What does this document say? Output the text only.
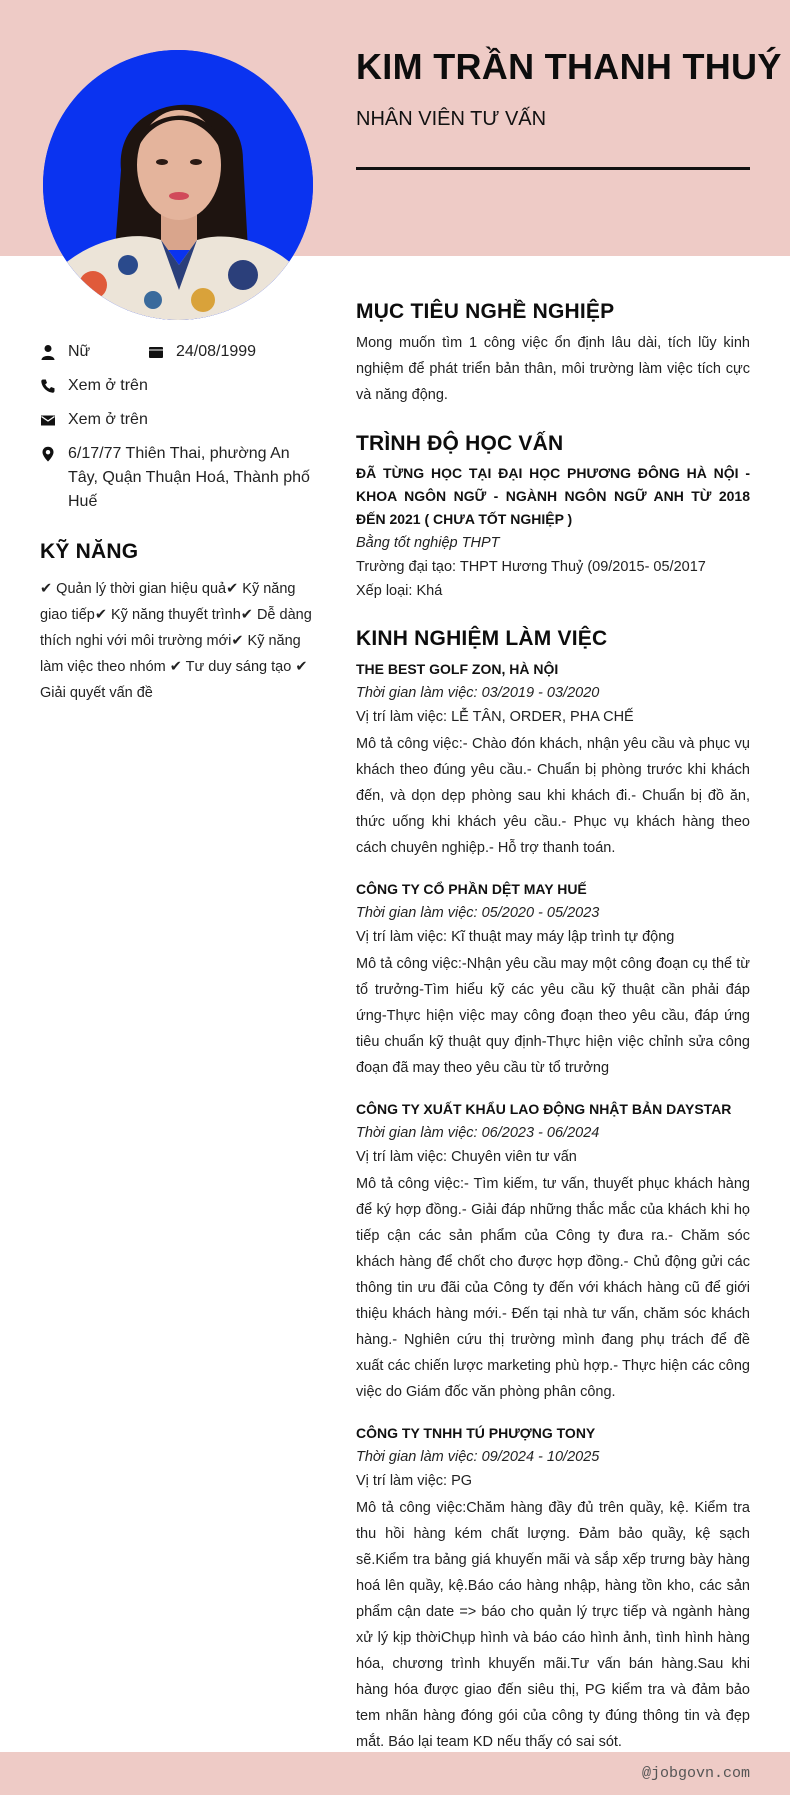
KIM TRẦN THANH THUÝ
NHÂN VIÊN TƯ VẤN
Nữ	24/08/1999
Xem ở trên
Xem ở trên
6/17/77 Thiên Thai, phường An Tây, Quận Thuận Hoá, Thành phố Huế
KỸ NĂNG
✔ Quản lý thời gian hiệu quả✔ Kỹ năng giao tiếp✔ Kỹ năng thuyết trình✔ Dễ dàng thích nghi với môi trường mới✔ Kỹ năng làm việc theo nhóm ✔ Tư duy sáng tạo ✔ Giải quyết vấn đề
MỤC TIÊU NGHỀ NGHIỆP
Mong muốn tìm 1 công việc ổn định lâu dài, tích lũy kinh nghiệm để phát triển bản thân, môi trường làm việc tích cực và năng động.
TRÌNH ĐỘ HỌC VẤN
ĐÃ TỪNG HỌC TẠI ĐẠI HỌC PHƯƠNG ĐÔNG HÀ NỘI - KHOA NGÔN NGỮ - NGÀNH NGÔN NGỮ ANH TỪ 2018 ĐẾN 2021 ( CHƯA TỐT NGHIỆP )
Bằng tốt nghiệp THPT
Trường đại tạo: THPT Hương Thuỷ (09/2015- 05/2017
Xếp loại: Khá
KINH NGHIỆM LÀM VIỆC
THE BEST GOLF ZON, HÀ NỘI
Thời gian làm việc: 03/2019 - 03/2020
Vị trí làm việc: LỄ TÂN, ORDER, PHA CHẾ
Mô tả công việc:- Chào đón khách, nhận yêu cầu và phục vụ khách theo đúng yêu cầu.- Chuẩn bị phòng trước khi khách đến, và dọn dẹp phòng sau khi khách đi.- Chuẩn bị đồ ăn, thức uống khi khách yêu cầu.- Phục vụ khách hàng theo cách chuyên nghiệp.- Hỗ trợ thanh toán.
CÔNG TY CỔ PHẦN DỆT MAY HUẾ
Thời gian làm việc: 05/2020 - 05/2023
Vị trí làm việc: Kĩ thuật may máy lập trình tự động
Mô tả công việc:-Nhận yêu cầu may một công đoạn cụ thể từ tổ trưởng-Tìm hiểu kỹ các yêu cầu kỹ thuật cần phải đáp ứng-Thực hiện việc may công đoạn theo yêu cầu, đáp ứng tiêu chuẩn kỹ thuật quy định-Thực hiện việc chỉnh sửa công đoạn đã may theo yêu cầu từ tổ trưởng
CÔNG TY XUẤT KHẨU LAO ĐỘNG NHẬT BẢN DAYSTAR
Thời gian làm việc: 06/2023 - 06/2024
Vị trí làm việc: Chuyên viên tư vấn
Mô tả công việc:- Tìm kiếm, tư vấn, thuyết phục khách hàng để ký hợp đồng.- Giải đáp những thắc mắc của khách khi họ tiếp cận các sản phẩm của Công ty đưa ra.- Chăm sóc khách hàng để chốt cho được hợp đồng.- Chủ động gửi các thông tin ưu đãi của Công ty đến với khách hàng cũ để giới thiệu khách hàng mới.- Đến tại nhà tư vấn, chăm sóc khách hàng.- Nghiên cứu thị trường mình đang phụ trách để đề xuất các chiến lược marketing phù hợp.- Thực hiện các công việc do Giám đốc văn phòng phân công.
CÔNG TY TNHH TÚ PHƯỢNG TONY
Thời gian làm việc: 09/2024 - 10/2025
Vị trí làm việc: PG
Mô tả công việc:Chăm hàng đầy đủ trên quầy, kệ. Kiểm tra thu hồi hàng kém chất lượng. Đảm bảo quầy, kệ sạch sẽ.Kiểm tra bảng giá khuyến mãi và sắp xếp trưng bày hàng hoá lên quầy, kệ.Báo cáo hàng nhập, hàng tồn kho, các sản phẩm cận date => báo cho quản lý trực tiếp và ngành hàng xử lý kịp thờiChụp hình và báo cáo hình ảnh, tình hình hàng hóa, chương trình khuyến mãi.Tư vấn bán hàng.Sau khi hàng hóa được giao đến siêu thị, PG kiểm tra và đảm bảo tem nhãn hàng đóng gói của công ty đúng thông tin và đẹp mắt. Báo lại team KD nếu thấy có sai sót.
@jobgovn.com
